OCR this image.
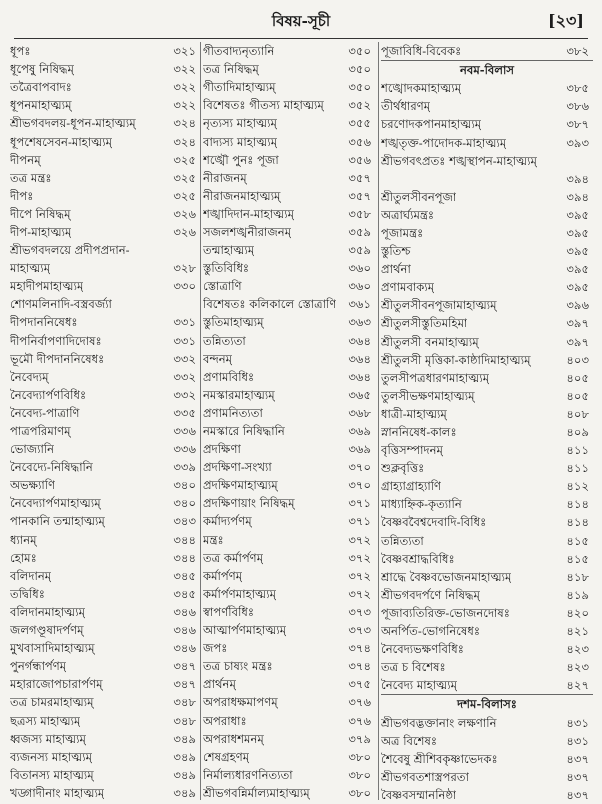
বিষয়-সূচী	[২৩]
ধূপঃ	৩২১
ধূপেষু নিষিদ্ধম্	৩২২
তত্রৈবাপবাদঃ	৩২২
ধূপনমাহাত্ম্যম্	৩২২
শ্রীভগবদলয়-ধূপন-মাহাত্ম্যম্	৩২৪
ধূপশেষসেবন-মাহাত্ম্যম্	৩২৪
দীপনম্	৩২৫
তত্র মন্ত্রঃ	৩২৫
দীপঃ	৩২৫
দীপে নিষিদ্ধম্	৩২৬
দীপ-মাহাত্ম্যম্	৩২৬
শ্রীভগবদলয়ে প্রদীপপ্রদান-
মাহাত্ম্যম্	৩২৮
মহাদীপমাহাত্ম্যম্	৩৩০
শোণমলিনাদি-বস্ত্রবর্জ্যা
দীপদাননিষেধঃ	৩৩১
দীপনির্বাপণাদিদোষঃ	৩৩১
ভূমৌ দীপদাননিষেধঃ	৩৩২
নৈবেদ্যম্	৩৩২
নৈবেদ্যার্পণবিধিঃ	৩৩২
নৈবেদ্য-পাত্রাণি	৩৩৫
পাত্রপরিমাণম্	৩৩৬
ভোজ্যানি	৩৩৬
নৈবেদ্যে-নিষিদ্ধানি	৩৩৯
অভক্ষ্যাণি	৩৪০
নৈবেদ্যার্পণমাহাত্ম্যম্	৩৪০
পানকানি তন্মাহাত্ম্যম্	৩৪৩
ধ্যানম্	৩৪৪
হোমঃ	৩৪৪
বলিদানম্	৩৪৫
তদ্বিধিঃ	৩৪৫
বলিদানমাহাত্ম্যম্	৩৪৬
জলগণ্ডূষাদর্পণম্	৩৪৬
মুখবাসাদিমাহাত্ম্যম্	৩৪৬
পুনর্গন্ধার্পণম্	৩৪৭
মহারাজোপচারার্পণম্	৩৪৭
তত্র চামরমাহাত্ম্যম্	৩৪৮
ছত্রস্য মাহাত্ম্যম্	৩৪৮
ধ্বজস্য মাহাত্ম্যম্	৩৪৯
ব্যজনস্য মাহাত্ম্যম্	৩৪৯
বিতানস্য মাহাত্ম্যম্	৩৪৯
খড্গাদীনাং মাহাত্ম্যম্	৩৪৯
গীতবাদ্যনৃত্যানি	৩৫০
তত্র নিষিদ্ধম্	৩৫০
গীতাদিমাহাত্ম্যম্	৩৫০
বিশেষতঃ গীতস্য মাহাত্ম্যম্ ৩৫২
নৃত্যস্য মাহাত্ম্যম্	৩৫৫
বাদ্যস্য মাহাত্ম্যম্	৩৫৬
শঙ্খৌ পুনঃ পূজা	৩৫৬
নীরাজনম্	৩৫৭
নীরাজনমাহাত্ম্যম্	৩৫৭
শঙ্খাদিদান-মাহাত্ম্যম্	৩৫৮
সজলশঙ্খনীরাজনম্	৩৫৯
তন্মাহাত্ম্যম্	৩৫৯
স্তুতিবিধিঃ	৩৬০
স্তোত্রাণি	৩৬০
বিশেষতঃ কলিকালে স্তোত্রাণি ৩৬১
স্তুতিমাহাত্ম্যম্	৩৬৩
তন্নিত্যতা	৩৬৪
বন্দনম্	৩৬৪
প্রণামবিধিঃ	৩৬৪
নমস্কারমাহাত্ম্যম্	৩৬৫
প্রণামনিত্যতা	৩৬৮
নমস্কারে নিষিদ্ধানি	৩৬৯
প্রদক্ষিণা	৩৬৯
প্রদক্ষিণা-সংখ্যা	৩৭০
প্রদক্ষিণমাহাত্ম্যম্	৩৭০
প্রদক্ষিণায়াং নিষিদ্ধম্	৩৭১
কর্মাদ্যর্পণম্	৩৭১
মন্ত্রঃ	৩৭২
তত্র কর্মার্পণম্	৩৭২
কর্মার্পণম্	৩৭২
কর্মার্পণমাহাত্ম্যম্	৩৭২
স্বাপর্ণবিধিঃ	৩৭৩
আত্মার্পণমাহাত্ম্যম্	৩৭৩
জপঃ	৩৭৪
তত্র চাষ্যং মন্ত্রঃ	৩৭৪
প্রার্থনম্	৩৭৫
অপরাধক্ষমাপণম্	৩৭৬
অপরাধাঃ	৩৭৬
অপরাধশমনম্	৩৭৯
শেষগ্রহণম্	৩৮০
নির্মাল্যধারণনিত্যতা	৩৮০
শ্রীভগবন্নির্মাল্যমাহাত্ম্যম্	৩৮০
পূজাবিধি-বিবেকঃ	৩৮২
নবম-বিলাস
শঙ্খোদকমাহাত্ম্যম্	৩৮৫
তীর্থধারণম্	৩৮৬
চরণোদকপানমাহাত্ম্যম্	৩৮৭
শঙ্খতৃক্ত-পাদোদক-মাহাত্ম্যম্	৩৯৩
শ্রীভগবৎপ্রতঃ শঙ্খস্থাপন-মাহাত্ম্যম্
৩৯৪
শ্রীতুলসীবনপূজা	৩৯৪
অত্রার্ঘ্যমন্ত্রঃ	৩৯৫
পূজামন্ত্রঃ	৩৯৫
স্তুতিশ্চ	৩৯৫
প্রার্থনা	৩৯৫
প্রণামবাক্যম্	৩৯৫
শ্রীতুলসীবনপূজামাহাত্ম্যম্	৩৯৬
শ্রীতুলসীস্তুতিমহিমা	৩৯৭
শ্রীতুলসী বনমাহাত্ম্যম্	৩৯৭
শ্রীতুলসী মৃত্তিকা-কাষ্ঠাদিমাহাত্ম্যম্	৪০৩
তুলসীপত্রধারণমাহাত্ম্যম্	৪০৫
তুলসীভক্ষণমাহাত্ম্যম্	৪০৫
ধাত্রী-মাহাত্ম্যম্	৪০৮
স্নাননিষেধ-কালঃ	৪০৯
বৃত্তিসম্পাদনম্	৪১১
শুক্লবৃত্তিঃ	৪১১
গ্রাহ্যাগ্রাহ্যাণি	৪১২
মাধ্যাহ্নিক-কৃত্যানি	৪১৪
বৈষ্ণববৈশ্বদেবাদি-বিধিঃ	৪১৪
তন্নিত্যতা	৪১৫
বৈষ্ণবশ্রাদ্ধবিধিঃ	৪১৫
শ্রাদ্ধে বৈষ্ণবভোজনমাহাত্ম্যম্	৪১৮
শ্রীভগবদর্পণে নিষিদ্ধম্	৪১৯
পূজাব্যতিরিক্ত-ভোজনদোষঃ	৪২০
অনর্পিত-ভোগনিষেধঃ	৪২১
নৈবেদ্যভক্ষণবিধিঃ	৪২৩
তত্র চ বিশেষঃ	৪২৩
নৈবেদ্য মাহাত্ম্যম্	৪২৭
দশম-বিলাসঃ
শ্রীভগবদ্ভক্তানাং লক্ষণানি	৪৩১
অত্র বিশেষঃ	৪৩১
শৈবেষু শ্রীশিবকৃষ্ণাভেদকঃ	৪৩৭
শ্রীভগবতশাস্ত্রপরতা	৪৩৭
বৈষ্ণবসম্মাননিষ্ঠা	৪৩৭
